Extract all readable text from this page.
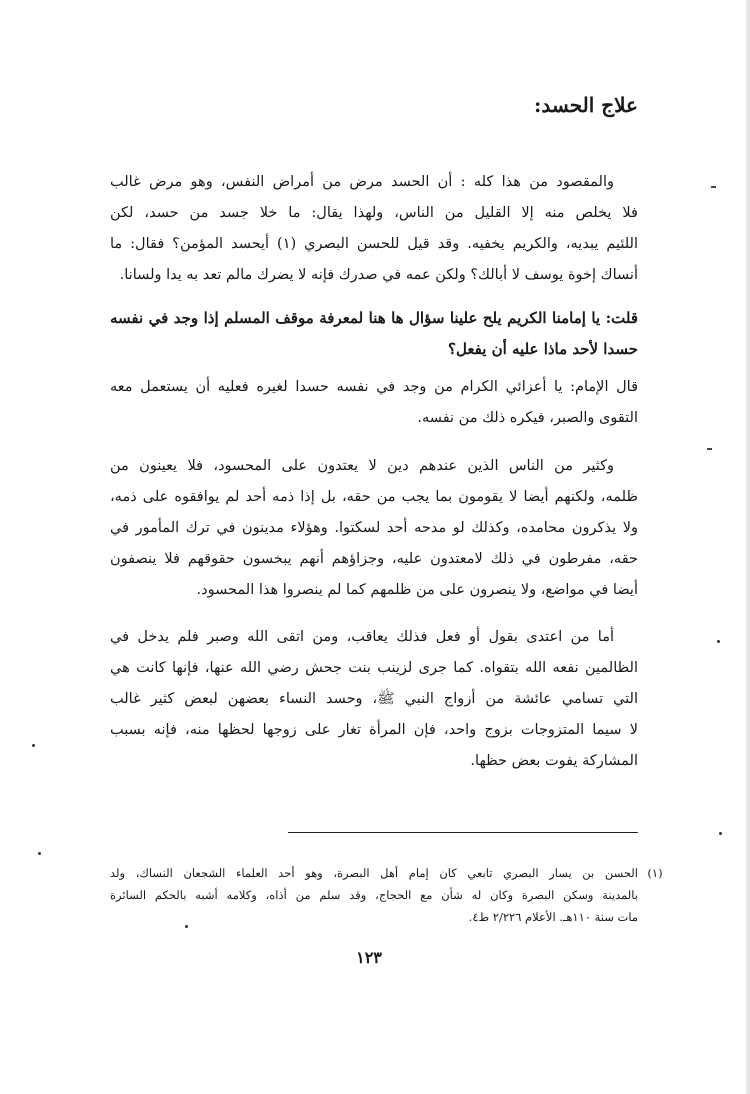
علاج الحسد:
والمقصود من هذا كله : أن الحسد مرض من أمراض النفس، وهو مرض غالب
فلا يخلص منه إلا القليل من الناس، ولهذا يقال: ما خلا جسد من حسد، لكن
اللئيم يبديه، والكريم يخفيه. وقد قيل للحسن البصري (١) أيحسد المؤمن؟ فقال: ما
أنساك إخوة يوسف لا أبالك؟ ولكن عمه في صدرك فإنه لا يضرك مالم تعد به يدا ولسانا.
قلت: يا إمامنا الكريم يلح علينا سؤال ها هنا لمعرفة موقف المسلم إذا وجد في نفسه
حسدا لأحد ماذا عليه أن يفعل؟
قال الإمام: يا أعزائي الكرام من وجد في نفسه حسدا لغيره فعليه أن يستعمل معه
التقوى والصبر، فيكره ذلك من نفسه.
وكثير من الناس الذين عندهم دين لا يعتدون على المحسود، فلا يعينون من
ظلمه، ولكنهم أيضا لا يقومون بما يجب من حقه، بل إذا ذمه أحد لم يوافقوه على ذمه،
ولا يذكرون محامده، وكذلك لو مدحه أحد لسكتوا. وهؤلاء مدينون في ترك المأمور في
حقه، مفرطون في ذلك لامعتدون عليه، وجزاؤهم أنهم يبخسون حقوقهم فلا ينصفون
أيضا في مواضع، ولا ينصرون على من ظلمهم كما لم ينصروا هذا المحسود.
أما من اعتدى بقول أو فعل فذلك يعاقب، ومن اتقى الله وصبر فلم يدخل في
الظالمين نفعه الله بتقواه. كما جرى لزينب بنت جحش رضي الله عنها، فإنها كانت هي
التي تسامي عائشة من أزواج النبي ﷺ، وحسد النساء بعضهن لبعض كثير غالب
لا سيما المتزوجات بزوج واحد، فإن المرأة تغار على زوجها لحظها منه، فإنه بسبب
المشاركة يفوت بعض حظها.
(١)
الحسن بن يسار البصري تابعي كان إمام أهل البصرة، وهو أحد العلماء الشجعان النساك، ولد
بالمدينة وسكن البصرة وكان له شأن مع الحجاج، وقد سلم من أذاه، وكلامه أشبه بالحكم السائرة
مات سنة ١١٠هـ. الأعلام ٢/٢٢٦ ط٤.
١٢٣
